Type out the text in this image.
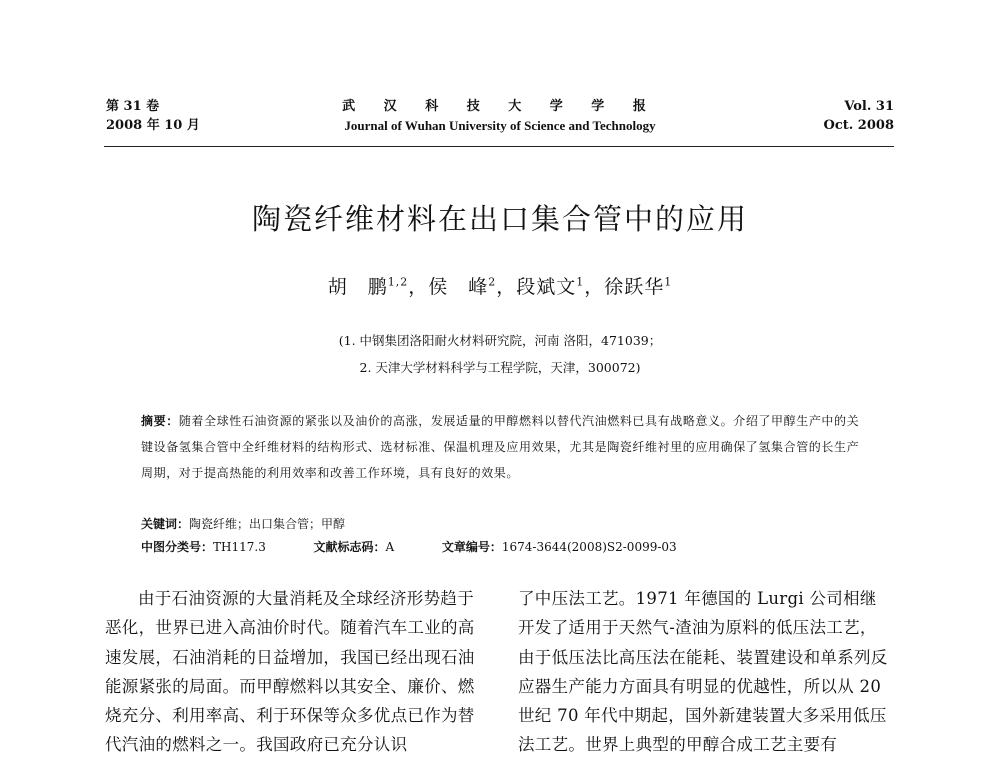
第 31 卷
2008 年 10 月
武 汉 科 技 大 学 学 报
Journal of Wuhan University of Science and Technology
Vol. 31
Oct. 2008
陶瓷纤维材料在出口集合管中的应用
胡　鹏$^{1,2}$，侯　峰$^2$，段斌文$^1$，徐跃华$^1$
(1. 中钢集团洛阳耐火材料研究院，河南 洛阳，471039；
2. 天津大学材料科学与工程学院，天津，300072)
摘要：随着全球性石油资源的紧张以及油价的高涨，发展适量的甲醇燃料以替代汽油燃料已具有战略意义。介绍了甲醇生产中的关键设备氢集合管中全纤维材料的结构形式、选材标准、保温机理及应用效果，尤其是陶瓷纤维衬里的应用确保了氢集合管的长生产周期，对于提高热能的利用效率和改善工作环境，具有良好的效果。
关键词：陶瓷纤维；出口集合管；甲醇
中图分类号：TH117.3	文献标志码：A	文章编号：1674-3644(2008)S2-0099-03

由于石油资源的大量消耗及全球经济形势趋于恶化，世界已进入高油价时代。随着汽车工业的高速发展，石油消耗的日益增加，我国已经出现石油能源紧张的局面。而甲醇燃料以其安全、廉价、燃烧充分、利用率高、利于环保等众多优点已作为替代汽油的燃料之一。我国政府已充分认识

了中压法工艺。1971 年德国的 Lurgi 公司相继开发了适用于天然气-渣油为原料的低压法工艺，由于低压法比高压法在能耗、装置建设和单系列反应器生产能力方面具有明显的优越性，所以从 20 世纪 70 年代中期起，国外新建装置大多采用低压法工艺。世界上典型的甲醇合成工艺主要有
